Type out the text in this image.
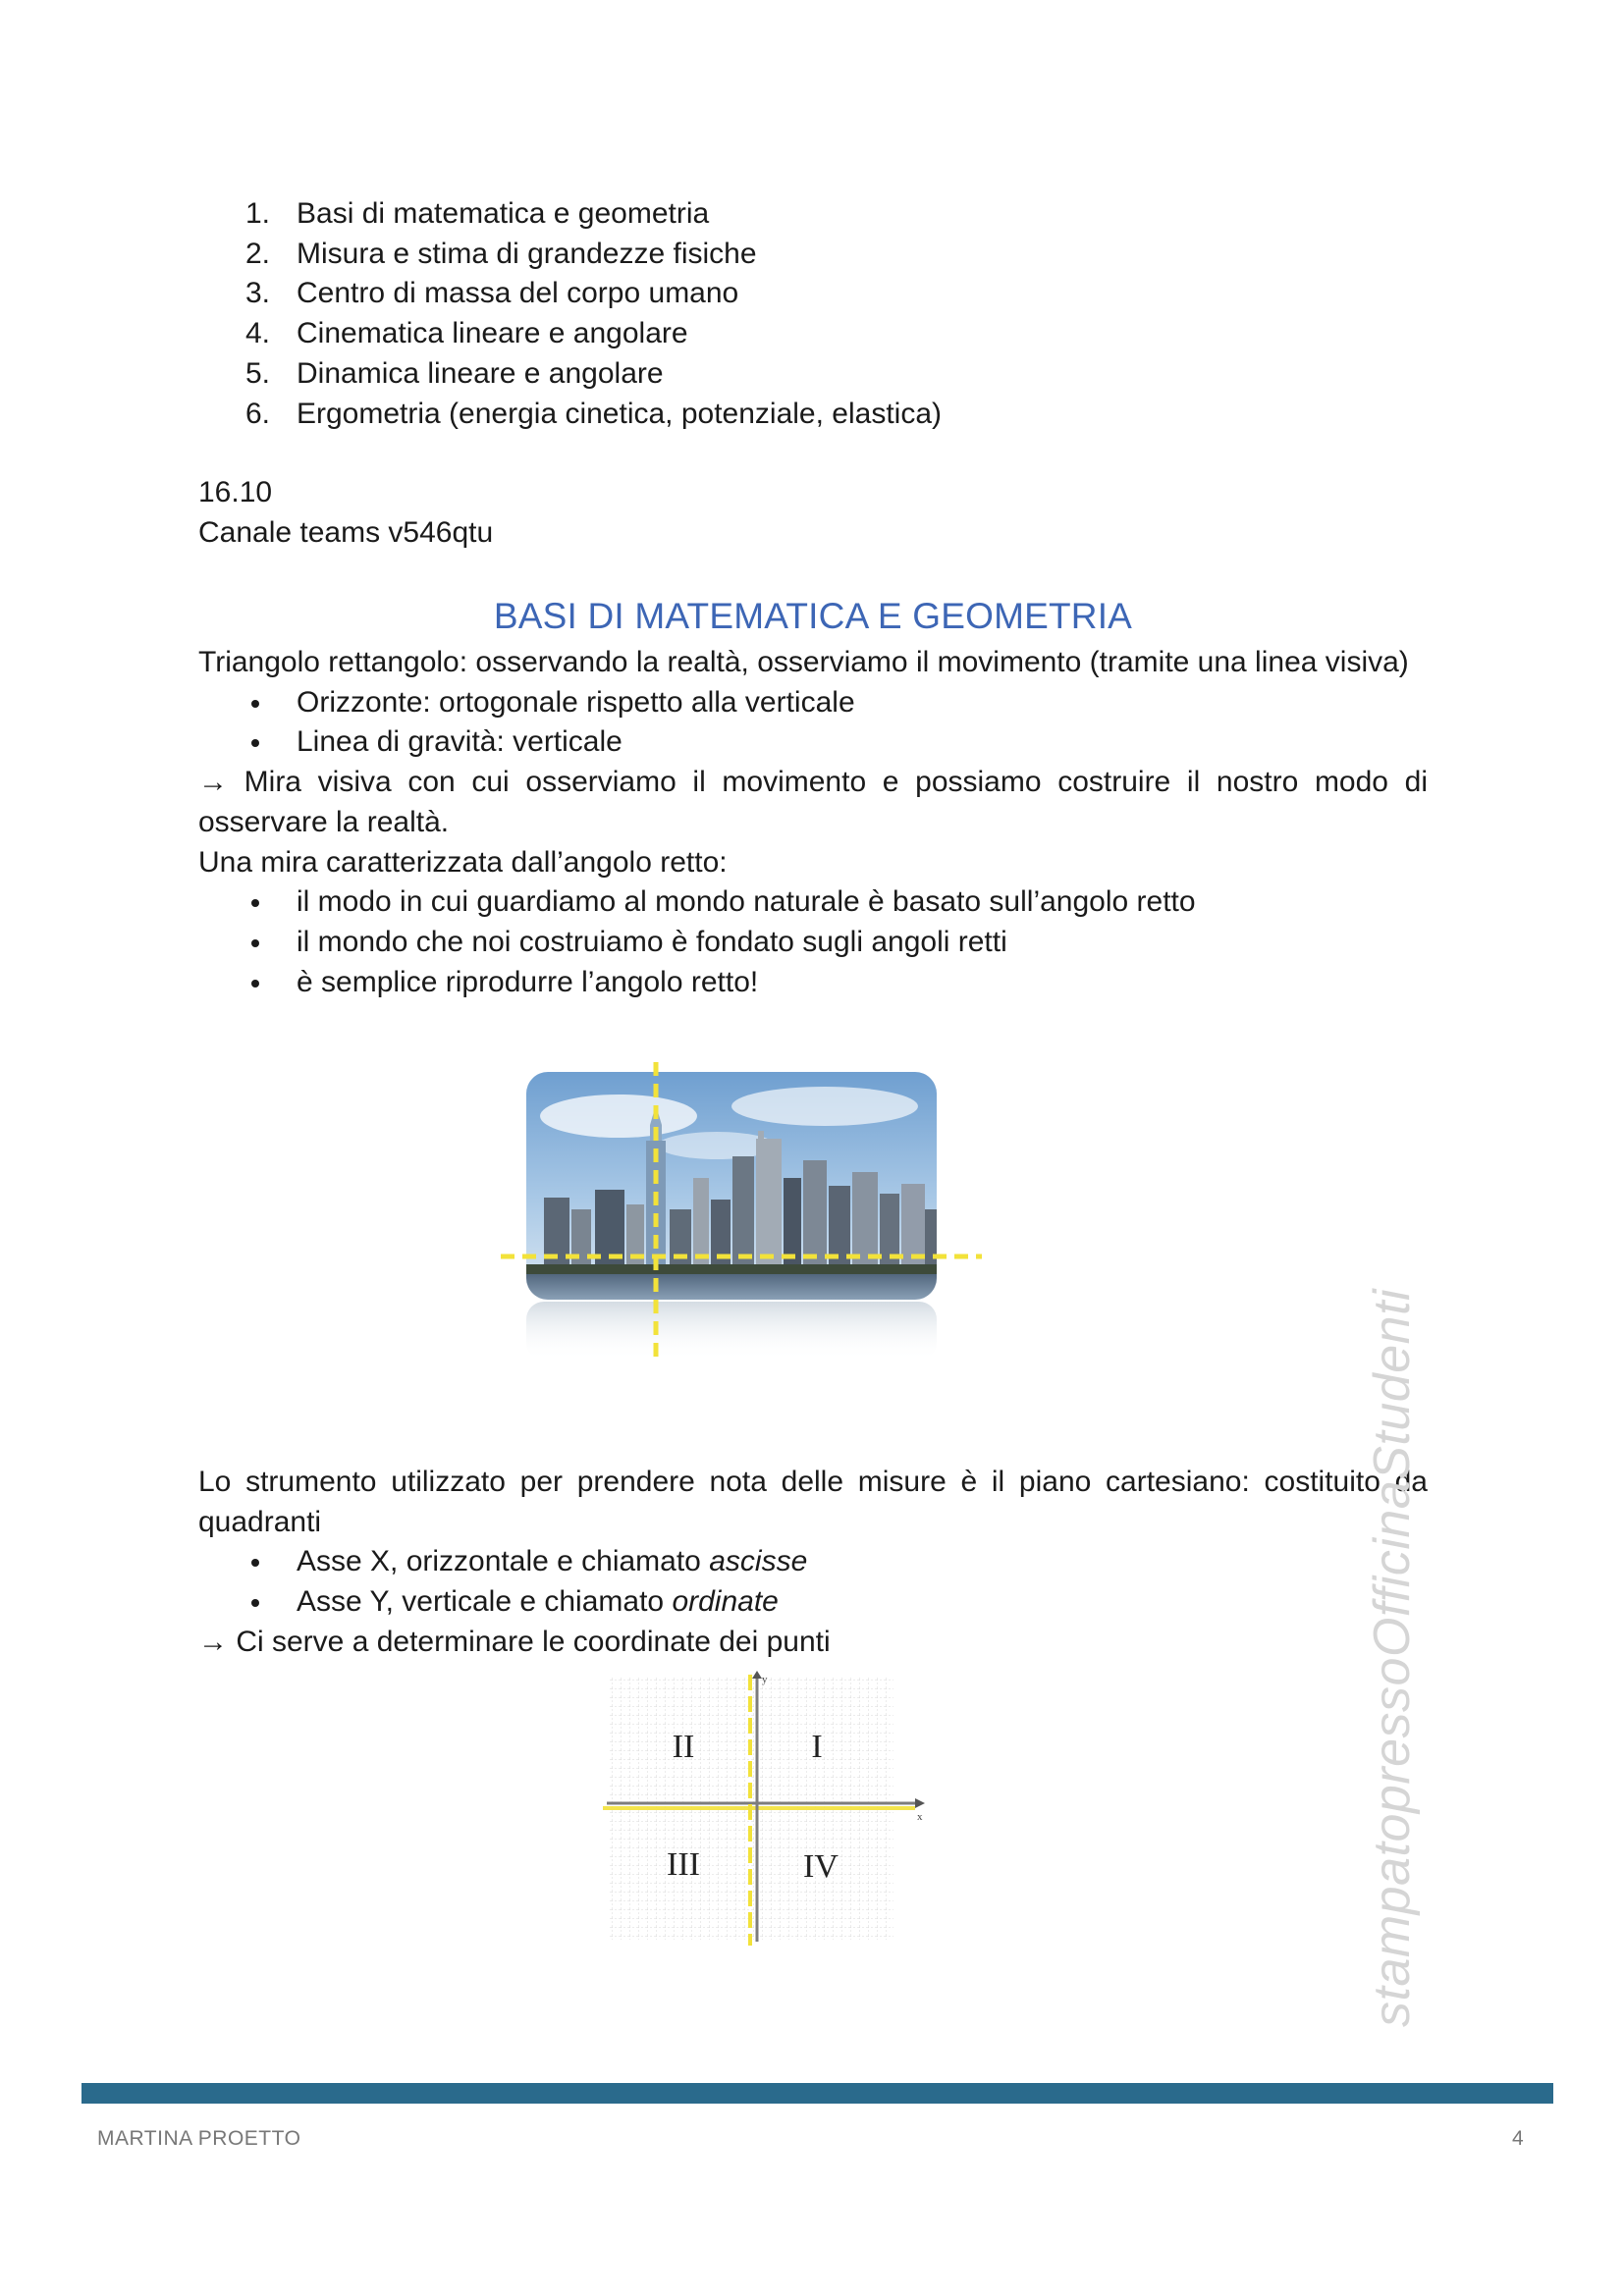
1. Basi di matematica e geometria
2. Misura e stima di grandezze fisiche
3. Centro di massa del corpo umano
4. Cinematica lineare e angolare
5. Dinamica lineare e angolare
6. Ergometria (energia cinetica, potenziale, elastica)
16.10
Canale teams v546qtu
BASI DI MATEMATICA E GEOMETRIA
Triangolo rettangolo: osservando la realtà, osserviamo il movimento (tramite una linea visiva)
Orizzonte: ortogonale rispetto alla verticale
Linea di gravità: verticale
→ Mira visiva con cui osserviamo il movimento e possiamo costruire il nostro modo di osservare la realtà.
Una mira caratterizzata dall’angolo retto:
il modo in cui guardiamo al mondo naturale è basato sull’angolo retto
il mondo che noi costruiamo è fondato sugli angoli retti
è semplice riprodurre l’angolo retto!
Lo strumento utilizzato per prendere nota delle misure è il piano cartesiano: costituito da quadranti
Asse X, orizzontale e chiamato ascisse
Asse Y, verticale e chiamato ordinate
→ Ci serve a determinare le coordinate dei punti
y
x
II	I
III	IV	stampatopressoOfficinaStudenti
MARTINA PROETTO	4
